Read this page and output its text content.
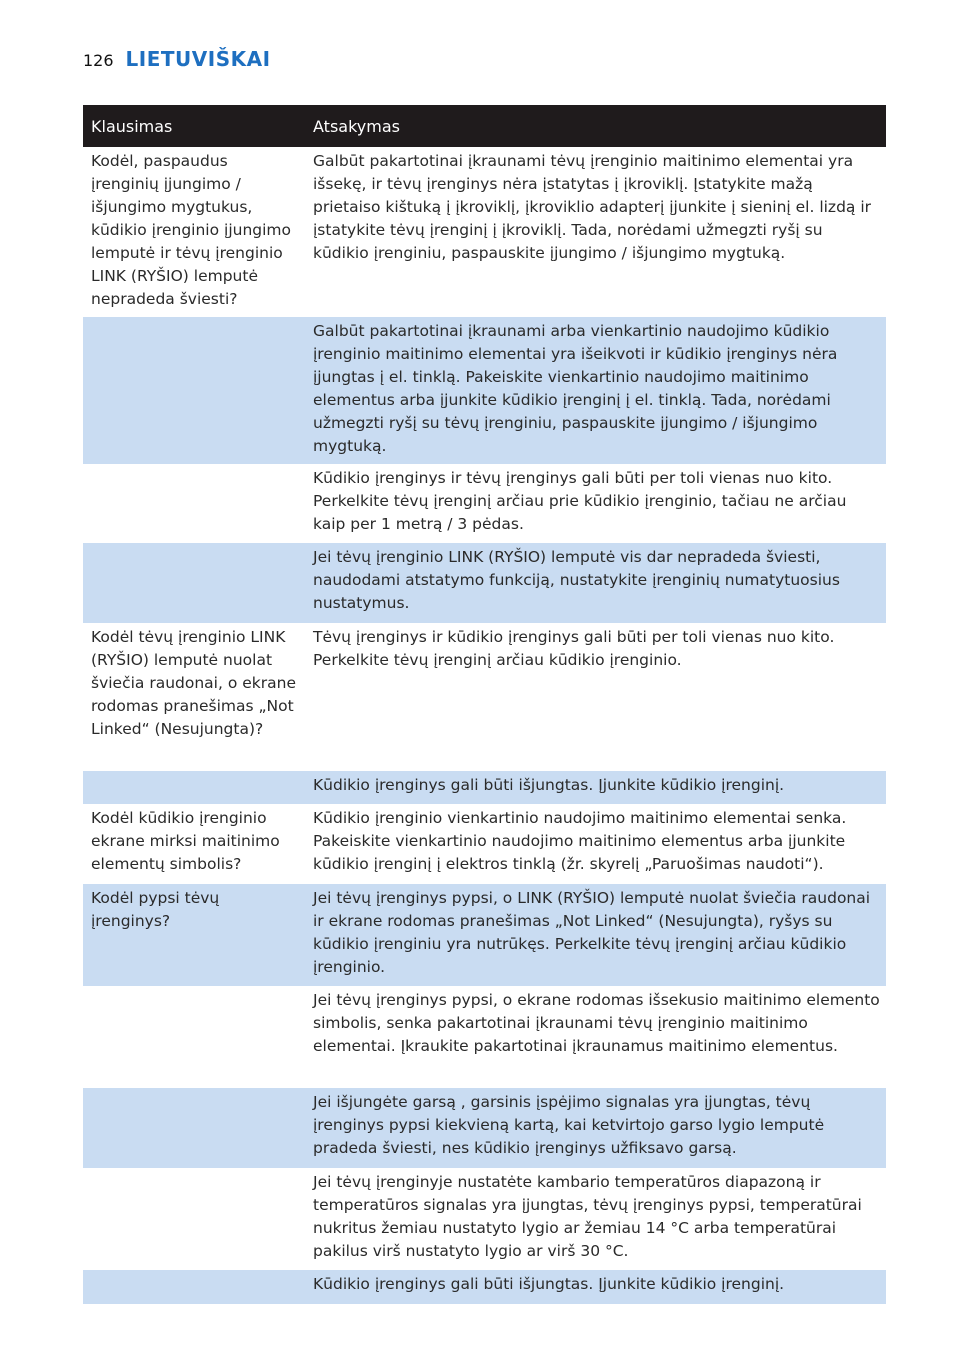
126 LIETUVIŠKAI
Klausimas	Atsakymas
Kodėl, paspaudus įrenginių įjungimo / išjungimo mygtukus, kūdikio įrenginio įjungimo lemputė ir tėvų įrenginio LINK (RYŠIO) lemputė nepradeda šviesti?	Galbūt pakartotinai įkraunami tėvų įrenginio maitinimo elementai yra išsekę, ir tėvų įrenginys nėra įstatytas į įkroviklį. Įstatykite mažą prietaiso kištuką į įkroviklį, įkroviklio adapterį įjunkite į sieninį el. lizdą ir įstatykite tėvų įrenginį į įkroviklį. Tada, norėdami užmegzti ryšį su kūdikio įrenginiu, paspauskite įjungimo / išjungimo mygtuką.
	Galbūt pakartotinai įkraunami arba vienkartinio naudojimo kūdikio įrenginio maitinimo elementai yra išeikvoti ir kūdikio įrenginys nėra įjungtas į el. tinklą. Pakeiskite vienkartinio naudojimo maitinimo elementus arba įjunkite kūdikio įrenginį į el. tinklą. Tada, norėdami užmegzti ryšį su tėvų įrenginiu, paspauskite įjungimo / išjungimo mygtuką.
	Kūdikio įrenginys ir tėvų įrenginys gali būti per toli vienas nuo kito. Perkelkite tėvų įrenginį arčiau prie kūdikio įrenginio, tačiau ne arčiau kaip per 1 metrą / 3 pėdas.
	Jei tėvų įrenginio LINK (RYŠIO) lemputė vis dar nepradeda šviesti, naudodami atstatymo funkciją, nustatykite įrenginių numatytuosius nustatymus.
Kodėl tėvų įrenginio LINK (RYŠIO) lemputė nuolat šviečia raudonai, o ekrane rodomas pranešimas „Not Linked“ (Nesujungta)?	Tėvų įrenginys ir kūdikio įrenginys gali būti per toli vienas nuo kito. Perkelkite tėvų įrenginį arčiau kūdikio įrenginio.
	Kūdikio įrenginys gali būti išjungtas. Įjunkite kūdikio įrenginį.
Kodėl kūdikio įrenginio ekrane mirksi maitinimo elementų simbolis?	Kūdikio įrenginio vienkartinio naudojimo maitinimo elementai senka. Pakeiskite vienkartinio naudojimo maitinimo elementus arba įjunkite kūdikio įrenginį į elektros tinklą (žr. skyrelį „Paruošimas naudoti“).
Kodėl pypsi tėvų įrenginys?	Jei tėvų įrenginys pypsi, o LINK (RYŠIO) lemputė nuolat šviečia raudonai ir ekrane rodomas pranešimas „Not Linked“ (Nesujungta), ryšys su kūdikio įrenginiu yra nutrūkęs. Perkelkite tėvų įrenginį arčiau kūdikio įrenginio.
	Jei tėvų įrenginys pypsi, o ekrane rodomas išsekusio maitinimo elemento simbolis, senka pakartotinai įkraunami tėvų įrenginio maitinimo elementai. Įkraukite pakartotinai įkraunamus maitinimo elementus.
	Jei išjungėte garsą , garsinis įspėjimo signalas yra įjungtas, tėvų įrenginys pypsi kiekvieną kartą, kai ketvirtojo garso lygio lemputė pradeda šviesti, nes kūdikio įrenginys užfiksavo garsą.
	Jei tėvų įrenginyje nustatėte kambario temperatūros diapazoną ir temperatūros signalas yra įjungtas, tėvų įrenginys pypsi, temperatūrai nukritus žemiau nustatyto lygio ar žemiau 14 °C arba temperatūrai pakilus virš nustatyto lygio ar virš 30 °C.
	Kūdikio įrenginys gali būti išjungtas. Įjunkite kūdikio įrenginį.
